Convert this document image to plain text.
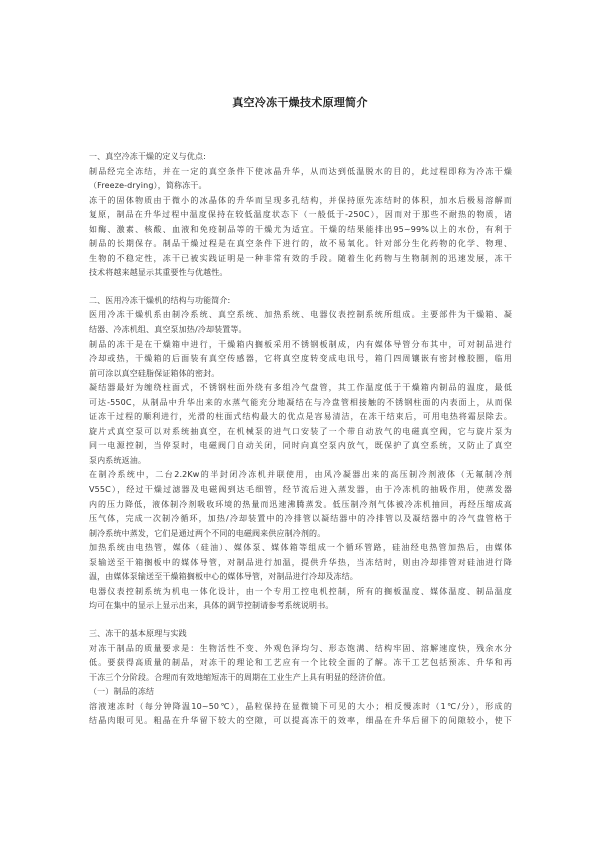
真空冷冻干燥技术原理简介
一、真空冷冻干燥的定义与优点:
制品经完全冻结，并在一定的真空条件下使冰晶升华，从而达到低温脱水的目的，此过程即称为冷冻干燥
（Freeze-drying），简称冻干。
冻干的固体物质由于微小的冰晶体的升华而呈现多孔结构，并保持原先冻结时的体积，加水后极易溶解而
复原，制品在升华过程中温度保持在较低温度状态下（一般低于-250C），因而对于那些不耐热的物质，诸
如酶、激素、核酸、血液和免疫制品等的干燥尤为适宜。干燥的结果能排出95~99%以上的水份，有利于
制品的长期保存。制品干燥过程是在真空条件下进行的，故不易氧化。针对部分生化药物的化学、物理、
生物的不稳定性，冻干已被实践证明是一种非常有效的手段。随着生化药物与生物制剂的迅速发展，冻干
技术将越来越显示其重要性与优越性。
二、医用冷冻干燥机的结构与功能简介:
医用冷冻干燥机系由制冷系统、真空系统、加热系统、电器仪表控制系统所组成。主要部件为干燥箱、凝
结器、冷冻机组、真空泵加热/冷却装置等。
制品的冻干是在干燥箱中进行，干燥箱内搁板采用不锈钢板制成，内有媒体导管分布其中，可对制品进行
冷却或热，干燥箱的后面装有真空传感器，它将真空度转变成电讯号，箱门四周镶嵌有密封橡胶圈，临用
前可涂以真空硅脂保证箱体的密封。
凝结器最好为缠绕柱面式，不锈钢柱面外绕有多组冷气盘管，其工作温度低于干燥箱内制品的温度，最低
可达-550C，从制品中升华出来的水蒸气能充分地凝结在与冷盘管相接触的不锈钢柱面的内表面上，从而保
证冻干过程的顺利进行，光滑的柱面式结构最大的优点是容易清洁，在冻干结束后，可用电热将霜层除去。
旋片式真空泵可以对系统抽真空，在机械泵的进气口安装了一个带自动放气的电磁真空阀，它与旋片泵为
同一电源控制，当停泵时，电磁阀门自动关闭，同时向真空泵内放气，既保护了真空系统，又防止了真空
泵内系统返油。
在制冷系统中，二台2.2Kw的半封闭冷冻机并联使用，由风冷凝器出来的高压制冷剂液体（无氟制冷剂
V55C），经过干燥过滤器及电磁阀到达毛细管，经节流后进入蒸发器，由于冷冻机的抽吸作用，使蒸发器
内的压力降低，液体制冷剂吸收环境的热量而迅速沸腾蒸发。低压制冷剂气体被冷冻机抽回，再经压缩成高
压气体，完成一次制冷循环，加热/冷却装置中的冷排管以凝结器中的冷排管以及凝结器中的冷气盘管格于
制冷系统中蒸发，它们是通过两个不同的电磁阀来供应制冷剂的。
加热系统由电热管，媒体（硅油）、媒体泵、媒体箱等组成一个循环管路，硅油经电热管加热后，由媒体
泵输送至干箱搁板中的媒体导管，对制品进行加温，提供升华热，当冻结时，则由冷却排管对硅油进行降
温，由媒体泵输送至干燥箱搁板中心的媒体导管，对制品进行冷却及冻结。
电器仪表控制系统为机电一体化设计，由一个专用工控电机控制，所有的搁板温度、媒体温度、制品温度
均可在集中的显示上显示出来，具体的调节控制请参考系统说明书。
三、冻干的基本原理与实践
对冻干制品的质量要求是：生物活性不变、外观色泽均匀、形态饱满、结构牢固、溶解速度快，残余水分
低。要获得高质量的制品，对冻干的理论和工艺应有一个比较全面的了解。冻干工艺包括预冻、升华和再
干冻三个分阶段。合理而有效地缩短冻干的周期在工业生产上具有明显的经济价值。
（一）制品的冻结
溶液速冻时（每分钟降温10~50℃），晶粒保持在显微镜下可见的大小；相反慢冻时（1℃/分），形成的
结晶肉眼可见。粗晶在升华留下较大的空隙，可以提高冻干的效率，细晶在升华后留下的间隙较小，使下
